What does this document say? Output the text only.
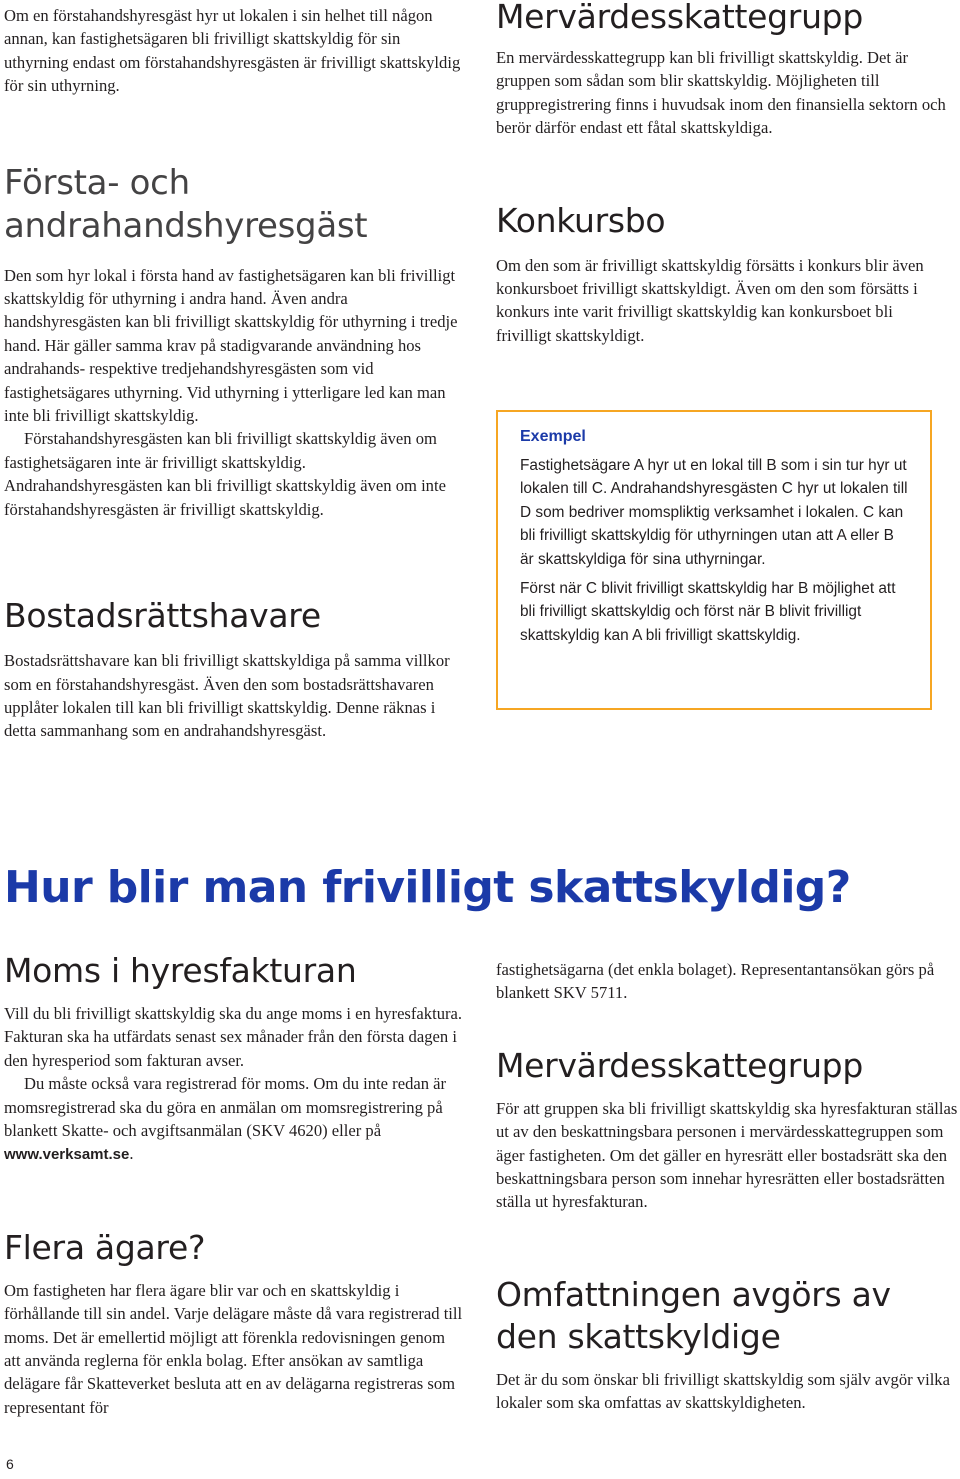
Om en förstahandshyresgäst hyr ut lokalen i sin helhet till någon annan, kan fastighetsägaren bli frivilligt skattskyldig för sin uthyrning endast om förstahandshyresgästen är frivilligt skattskyldig för sin uthyrning.

Första- och andrahandshyresgäst

Den som hyr lokal i första hand av fastighetsägaren kan bli frivilligt skattskyldig för uthyrning i andra hand. Även andra handshyresgästen kan bli frivilligt skattskyldig för uthyrning i tredje hand. Här gäller samma krav på stadigvarande användning hos andrahands- respektive tredjehandshyresgästen som vid fastighetsägares uthyrning. Vid uthyrning i ytterligare led kan man inte bli frivilligt skattskyldig.

Förstahandshyresgästen kan bli frivilligt skattskyldig även om fastighetsägaren inte är frivilligt skattskyldig. Andrahandshyresgästen kan bli frivilligt skattskyldig även om inte förstahandshyresgästen är frivilligt skattskyldig.

Bostadsrättshavare

Bostadsrättshavare kan bli frivilligt skattskyldiga på samma villkor som en förstahandshyresgäst. Även den som bostadsrättshavaren upplåter lokalen till kan bli frivilligt skattskyldig. Denne räknas i detta sammanhang som en andrahandshyresgäst.

Mervärdesskattegrupp

En mervärdesskattegrupp kan bli frivilligt skattskyldig. Det är gruppen som sådan som blir skattskyldig. Möjligheten till gruppregistrering finns i huvudsak inom den finansiella sektorn och berör därför endast ett fåtal skattskyldiga.

Konkursbo

Om den som är frivilligt skattskyldig försätts i konkurs blir även konkursboet frivilligt skattskyldigt. Även om den som försätts i konkurs inte varit frivilligt skattskyldig kan konkursboet bli frivilligt skattskyldigt.

Exempel

Fastighetsägare A hyr ut en lokal till B som i sin tur hyr ut lokalen till C. Andrahandshyresgästen C hyr ut lokalen till D som bedriver momspliktig verksamhet i lokalen. C kan bli frivilligt skattskyldig för uthyrningen utan att A eller B är skattskyldiga för sina uthyrningar.

Först när C blivit frivilligt skattskyldig har B möjlighet att bli frivilligt skattskyldig och först när B blivit frivilligt skattskyldig kan A bli frivilligt skattskyldig.

Hur blir man frivilligt skattskyldig?
Moms i hyresfakturan

Vill du bli frivilligt skattskyldig ska du ange moms i en hyresfaktura. Fakturan ska ha utfärdats senast sex månader från den första dagen i den hyresperiod som fakturan avser.

Du måste också vara registrerad för moms. Om du inte redan är momsregistrerad ska du göra en anmälan om momsregistrering på blankett Skatte- och avgiftsanmälan (SKV 4620) eller på www.verksamt.se.

Flera ägare?

Om fastigheten har flera ägare blir var och en skattskyldig i förhållande till sin andel. Varje delägare måste då vara registrerad till moms. Det är emellertid möjligt att förenkla redovisningen genom att använda reglerna för enkla bolag. Efter ansökan av samtliga delägare får Skatteverket besluta att en av delägarna registreras som representant för

fastighetsägarna (det enkla bolaget). Representantansökan görs på blankett SKV 5711.

Mervärdesskattegrupp

För att gruppen ska bli frivilligt skattskyldig ska hyresfakturan ställas ut av den beskattningsbara personen i mervärdesskattegruppen som äger fastigheten. Om det gäller en hyresrätt eller bostadsrätt ska den beskattningsbara person som innehar hyresrätten eller bostadsrätten ställa ut hyresfakturan.

Omfattningen avgörs av den skattskyldige

Det är du som önskar bli frivilligt skattskyldig som själv avgör vilka lokaler som ska omfattas av skattskyldigheten.

6
